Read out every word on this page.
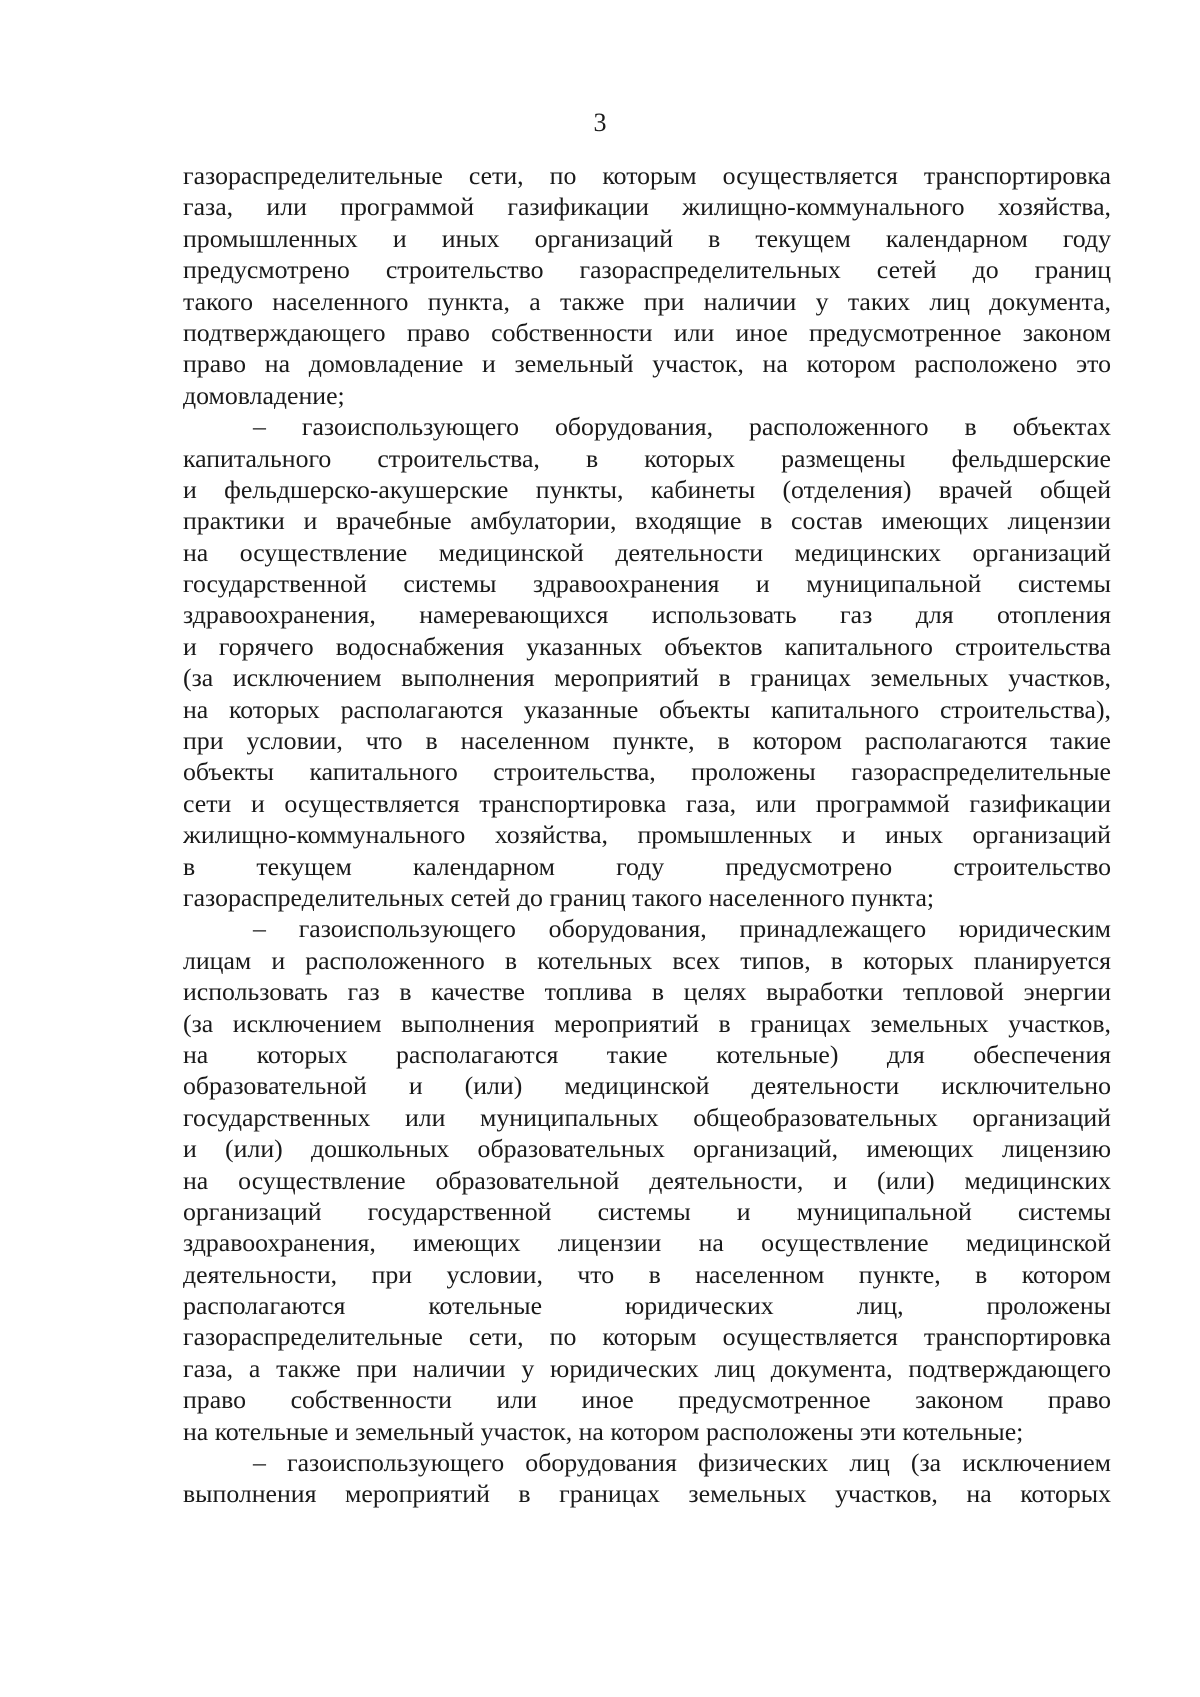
3
газораспределительные сети, по которым осуществляется транспортировка
газа, или программой газификации жилищно-коммунального хозяйства,
промышленных и иных организаций в текущем календарном году
предусмотрено строительство газораспределительных сетей до границ
такого населенного пункта, а также при наличии у таких лиц документа,
подтверждающего право собственности или иное предусмотренное законом
право на домовладение и земельный участок, на котором расположено это
домовладение;
– газоиспользующего оборудования, расположенного в объектах
капитального строительства, в которых размещены фельдшерские
и фельдшерско-акушерские пункты, кабинеты (отделения) врачей общей
практики и врачебные амбулатории, входящие в состав имеющих лицензии
на осуществление медицинской деятельности медицинских организаций
государственной системы здравоохранения и муниципальной системы
здравоохранения, намеревающихся использовать газ для отопления
и горячего водоснабжения указанных объектов капитального строительства
(за исключением выполнения мероприятий в границах земельных участков,
на которых располагаются указанные объекты капитального строительства),
при условии, что в населенном пункте, в котором располагаются такие
объекты капитального строительства, проложены газораспределительные
сети и осуществляется транспортировка газа, или программой газификации
жилищно-коммунального хозяйства, промышленных и иных организаций
в текущем календарном году предусмотрено строительство
газораспределительных сетей до границ такого населенного пункта;
– газоиспользующего оборудования, принадлежащего юридическим
лицам и расположенного в котельных всех типов, в которых планируется
использовать газ в качестве топлива в целях выработки тепловой энергии
(за исключением выполнения мероприятий в границах земельных участков,
на которых располагаются такие котельные) для обеспечения
образовательной и (или) медицинской деятельности исключительно
государственных или муниципальных общеобразовательных организаций
и (или) дошкольных образовательных организаций, имеющих лицензию
на осуществление образовательной деятельности, и (или) медицинских
организаций государственной системы и муниципальной системы
здравоохранения, имеющих лицензии на осуществление медицинской
деятельности, при условии, что в населенном пункте, в котором
располагаются котельные юридических лиц, проложены
газораспределительные сети, по которым осуществляется транспортировка
газа, а также при наличии у юридических лиц документа, подтверждающего
право собственности или иное предусмотренное законом право
на котельные и земельный участок, на котором расположены эти котельные;
– газоиспользующего оборудования физических лиц (за исключением
выполнения мероприятий в границах земельных участков, на которых
